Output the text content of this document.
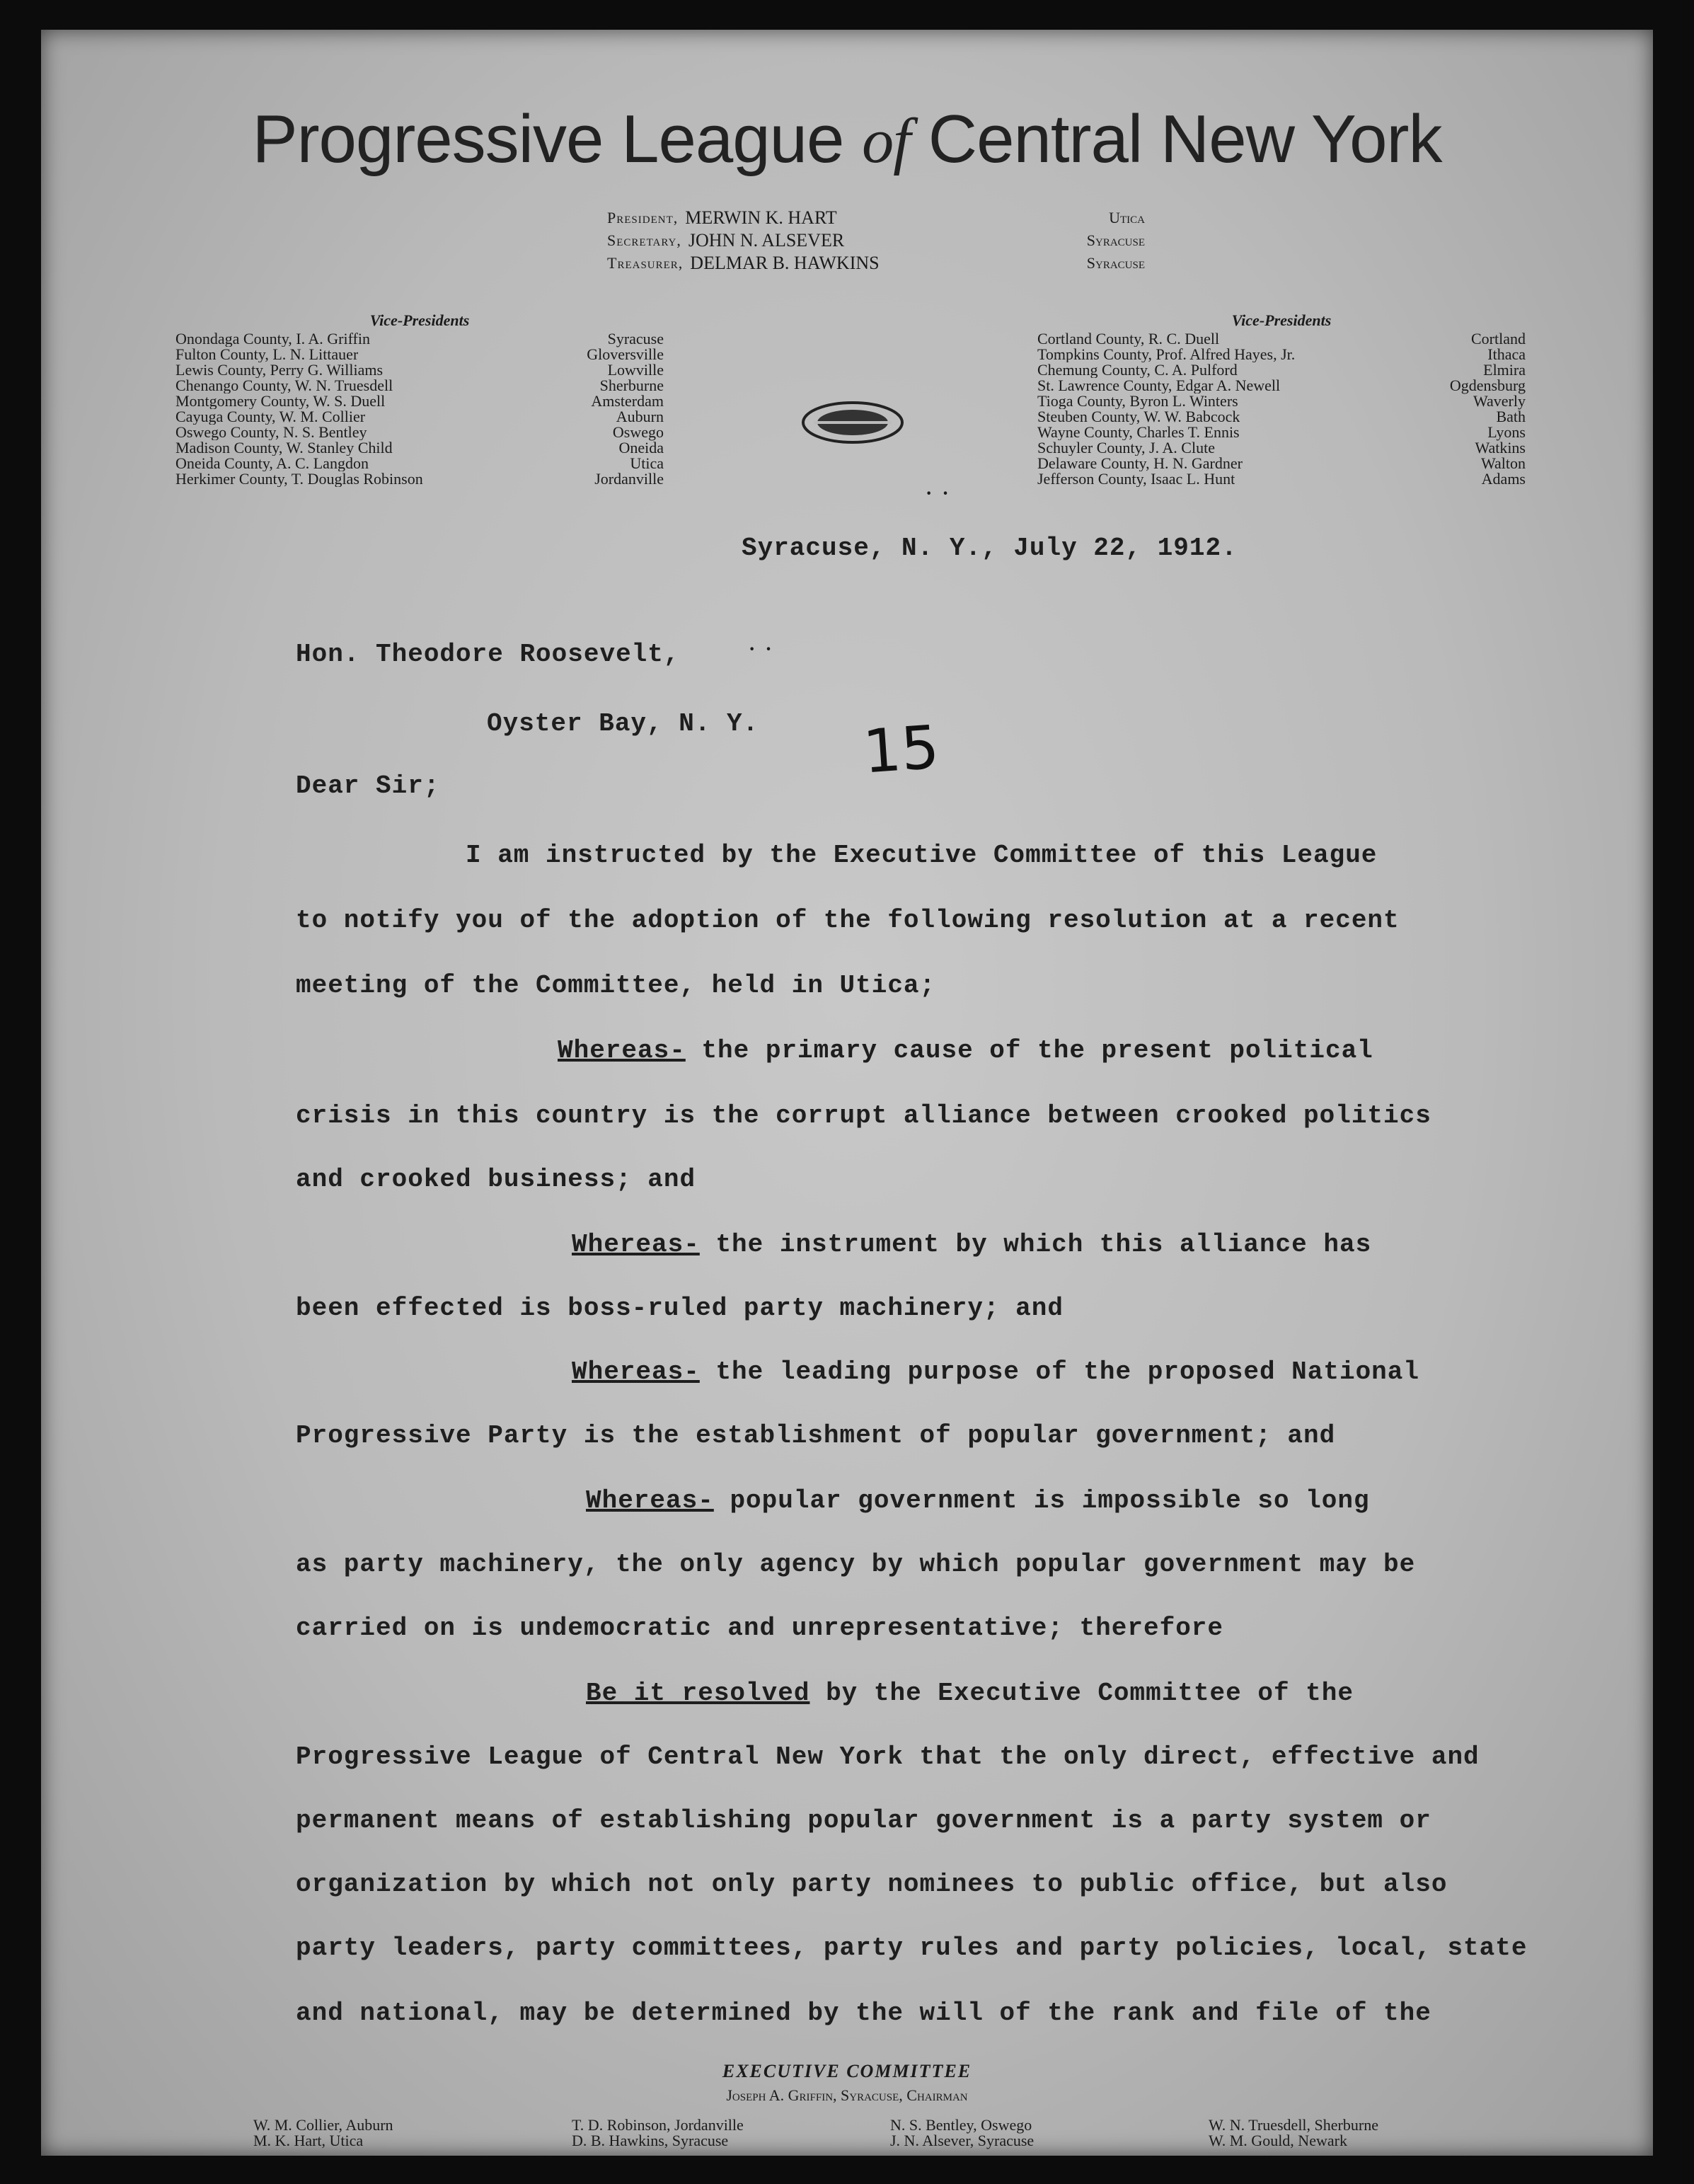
Progressive League of Central New York
President, MERWIN K. HART	Utica
Secretary, JOHN N. ALSEVER	Syracuse
Treasurer, DELMAR B. HAWKINS	Syracuse
Vice-Presidents
Onondaga County, I. A. Griffin	Syracuse
Fulton County, L. N. Littauer	Gloversville
Lewis County, Perry G. Williams	Lowville
Chenango County, W. N. Truesdell	Sherburne
Montgomery County, W. S. Duell	Amsterdam
Cayuga County, W. M. Collier	Auburn
Oswego County, N. S. Bentley	Oswego
Madison County, W. Stanley Child	Oneida
Oneida County, A. C. Langdon	Utica
Herkimer County, T. Douglas Robinson	Jordanville
Vice-Presidents
Cortland County, R. C. Duell	Cortland
Tompkins County, Prof. Alfred Hayes, Jr.	Ithaca
Chemung County, C. A. Pulford	Elmira
St. Lawrence County, Edgar A. Newell	Ogdensburg
Tioga County, Byron L. Winters	Waverly
Steuben County, W. W. Babcock	Bath
Wayne County, Charles T. Ennis	Lyons
Schuyler County, J. A. Clute	Watkins
Delaware County, H. N. Gardner	Walton
Jefferson County, Isaac L. Hunt	Adams
·  ·
Syracuse, N. Y., July 22, 1912.
Hon. Theodore Roosevelt,	·  ·
Oyster Bay, N. Y. 15
Dear Sir;
I am instructed by the Executive Committee of this League
to notify you of the adoption of the following resolution at a recent
meeting of the Committee, held in Utica;
Whereas- the primary cause of the present political
crisis in this country is the corrupt alliance between crooked politics
and crooked business; and
Whereas- the instrument by which this alliance has
been effected is boss-ruled party machinery; and
Whereas- the leading purpose of the proposed National
Progressive Party is the establishment of popular government; and
Whereas- popular government is impossible so long
as party machinery, the only agency by which popular government may be
carried on is undemocratic and unrepresentative; therefore
Be it resolved by the Executive Committee of the
Progressive League of Central New York that the only direct, effective and
permanent means of establishing popular government is a party system or
organization by which not only party nominees to public office, but also
party leaders, party committees, party rules and party policies, local, state
and national, may be determined by the will of the rank and file of the
EXECUTIVE COMMITTEE
Joseph A. Griffin, Syracuse, Chairman
W. M. Collier, Auburn
M. K. Hart, Utica
T. D. Robinson, Jordanville
D. B. Hawkins, Syracuse
N. S. Bentley, Oswego
J. N. Alsever, Syracuse
W. N. Truesdell, Sherburne
W. M. Gould, Newark
